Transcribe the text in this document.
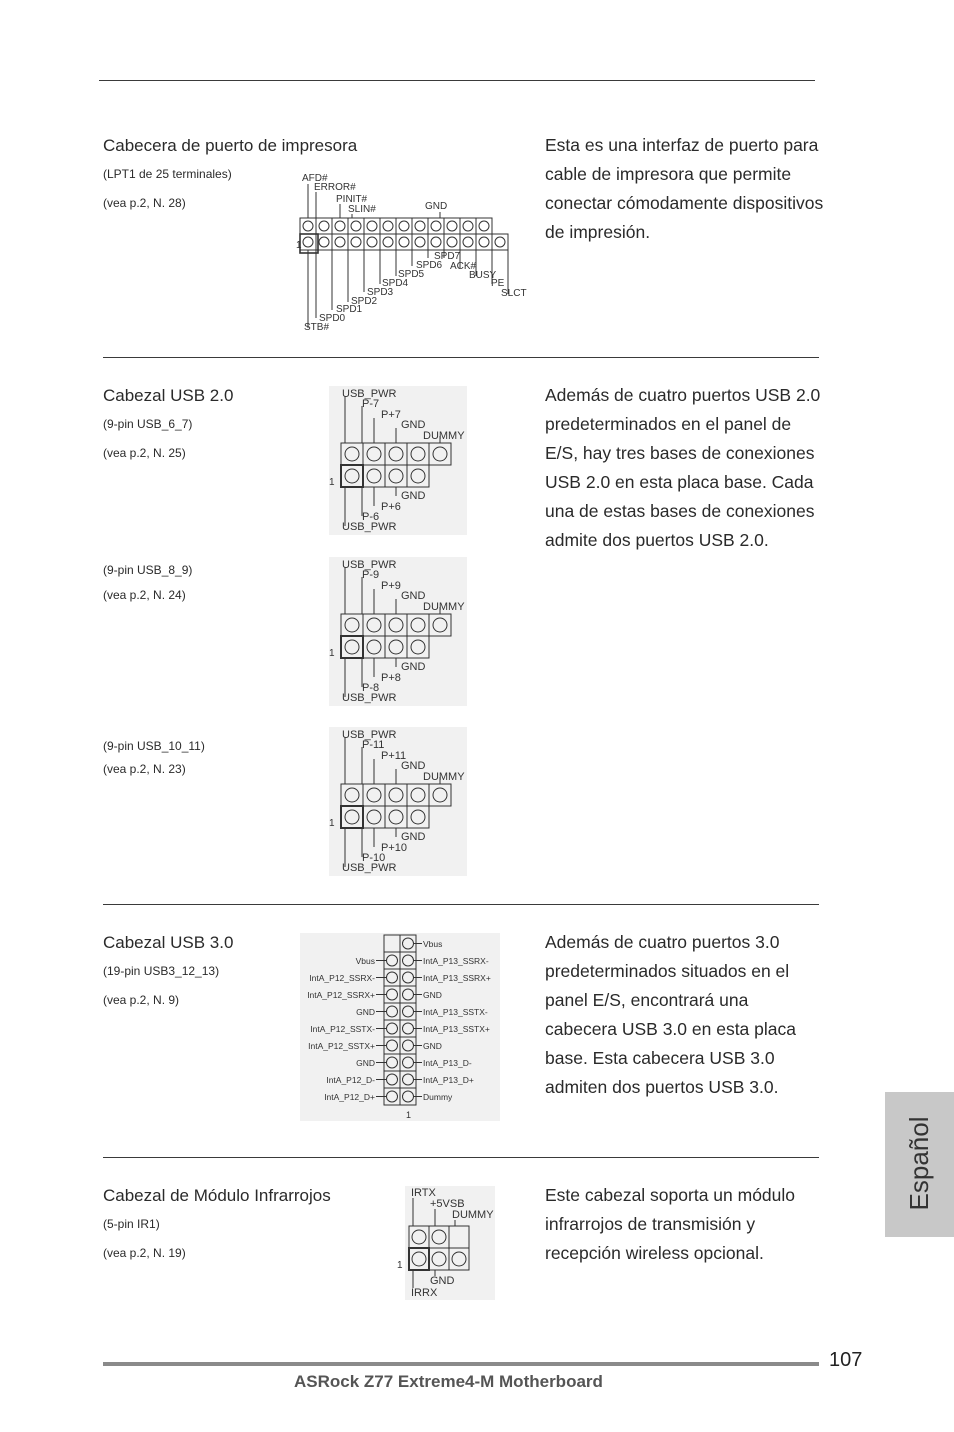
Cabecera de puerto de impresora
(LPT1 de 25 terminales)
(vea p.2, N. 28)
Esta es una interfaz de puerto para cable de impresora que permite conectar cómodamente dispositivos de impresión.
1
AFD#
ERROR#
PINIT#
SLIN#	GND
SPD7
SPD6 ACK#
SPD5	BUSY
SPD4	PE
SPD3	SLCT
SPD2
SPD1
SPD0
STB#
Cabezal USB 2.0
(9-pin USB_6_7)
(vea p.2, N. 25)
(9-pin USB_8_9)
(vea p.2, N. 24)
(9-pin USB_10_11)
(vea p.2, N. 23)
Además de cuatro puertos USB 2.0 predeterminados en el panel de E/S, hay tres bases de conexiones USB 2.0 en esta placa base. Cada una de estas bases de conexiones admite dos puertos USB 2.0.
USB_PWR
P-7
P+7
GND
DUMMY
GND
P+6
P-6
USB_PWR
1
USB_PWR
P-9
P+9
GND
DUMMY
GND
P+8
P-8
USB_PWR
1
USB_PWR
P-11
P+11
GND
DUMMY
GND
P+10
P-10
USB_PWR
1
Cabezal USB 3.0
(19-pin USB3_12_13)
(vea p.2, N. 9)
Además de cuatro puertos 3.0 predeterminados situados en el panel E/S, encontrará una cabecera USB 3.0 en esta placa base. Esta cabecera USB 3.0 admiten dos puertos USB 3.0.
1
Vbus
IntA_P12_SSRX-
IntA_P12_SSRX+
GND
IntA_P12_SSTX-
IntA_P12_SSTX+
GND
IntA_P12_D-
IntA_P12_D+
Vbus
IntA_P13_SSRX-
IntA_P13_SSRX+
GND
IntA_P13_SSTX-
IntA_P13_SSTX+
GND
IntA_P13_D-
IntA_P13_D+
Dummy
Cabezal de Módulo Infrarrojos
(5-pin IR1)
(vea p.2, N. 19)
Este cabezal soporta un módulo infrarrojos de transmisión y recepción wireless opcional.
1
IRTX
+5VSB
DUMMY
GND
IRRX
Español
107
ASRock Z77 Extreme4-M Motherboard
